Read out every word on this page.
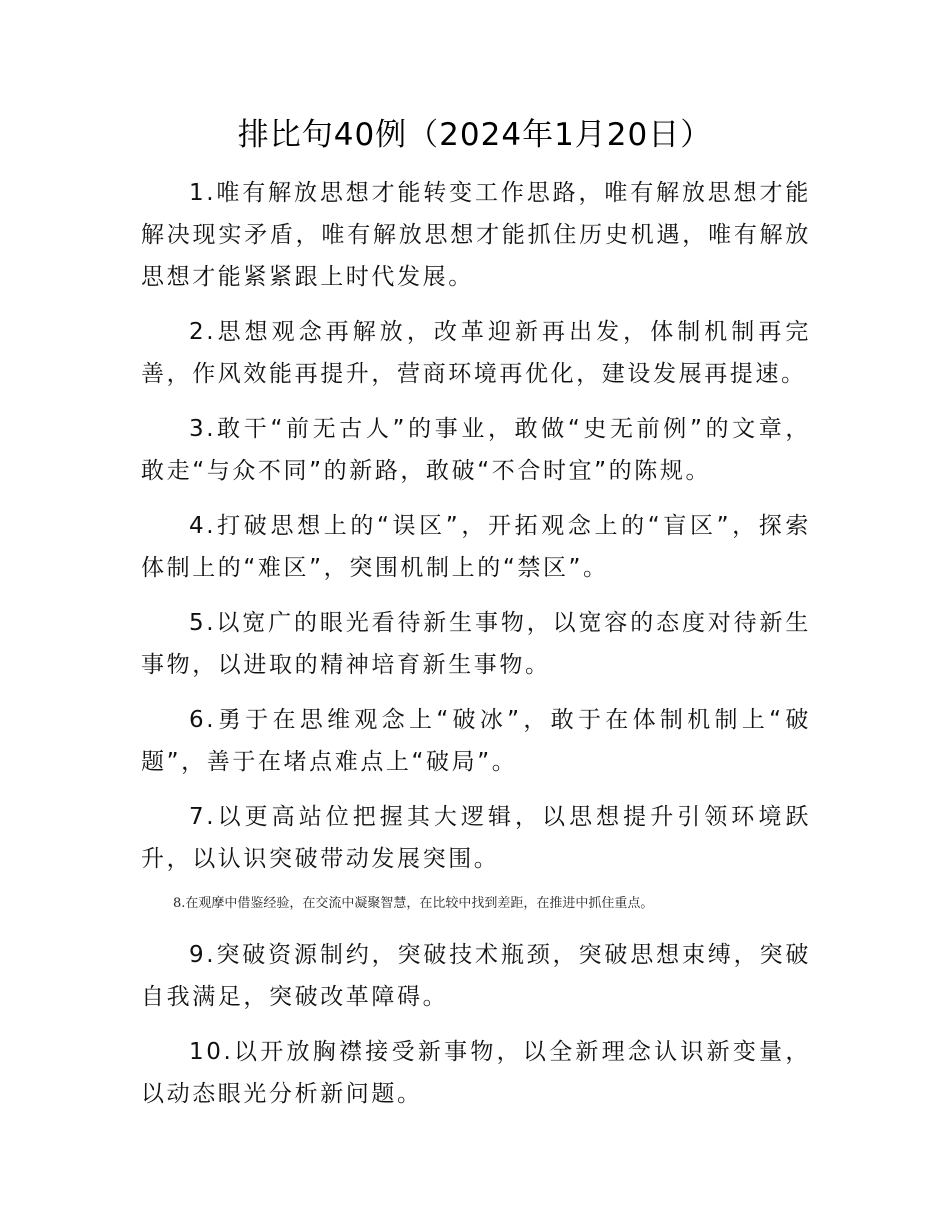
排比句40例（2024年1月20日）

1.唯有解放思想才能转变工作思路，唯有解放思想才能解决现实矛盾，唯有解放思想才能抓住历史机遇，唯有解放思想才能紧紧跟上时代发展。

2.思想观念再解放，改革迎新再出发，体制机制再完善，作风效能再提升，营商环境再优化，建设发展再提速。

3.敢干“前无古人”的事业，敢做“史无前例”的文章，敢走“与众不同”的新路，敢破“不合时宜”的陈规。

4.打破思想上的“误区”，开拓观念上的“盲区”，探索体制上的“难区”，突围机制上的“禁区”。

5.以宽广的眼光看待新生事物，以宽容的态度对待新生事物，以进取的精神培育新生事物。

6.勇于在思维观念上“破冰”，敢于在体制机制上“破题”，善于在堵点难点上“破局”。

7.以更高站位把握其大逻辑，以思想提升引领环境跃升，以认识突破带动发展突围。

8.在观摩中借鉴经验，在交流中凝聚智慧，在比较中找到差距，在推进中抓住重点。

9.突破资源制约，突破技术瓶颈，突破思想束缚，突破自我满足，突破改革障碍。

10.以开放胸襟接受新事物，以全新理念认识新变量，以动态眼光分析新问题。
